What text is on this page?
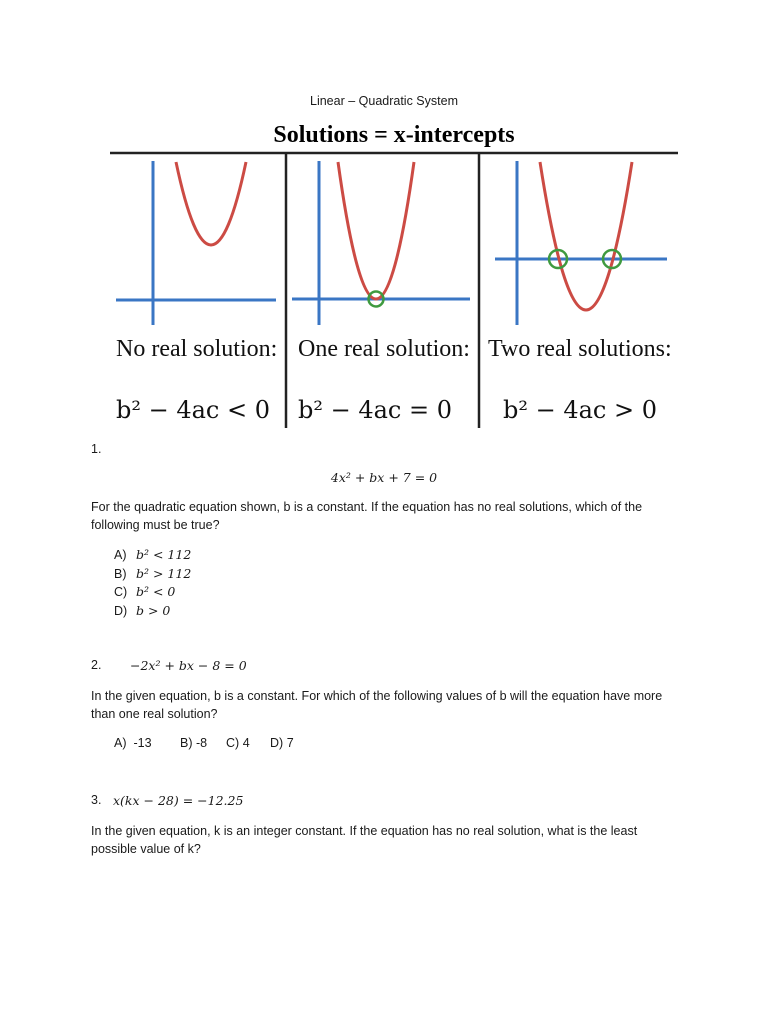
Linear – Quadratic System
Solutions = x-intercepts
No real solution:
b² − 4ac < 0
One real solution:
b² − 4ac = 0
Two real solutions:
b² − 4ac > 0
1.
4x² + bx + 7 = 0
For the quadratic equation shown, b is a constant. If the equation has no real solutions, which of the
following must be true?
A) b² < 112
B) b² > 112
C) b² < 0
D) b > 0
2. −2x² + bx − 8 = 0
In the given equation, b is a constant. For which of the following values of b will the equation have more
than one real solution?
A) -13 B) -8 C) 4 D) 7
3. x(kx − 28) = −12.25
In the given equation, k is an integer constant. If the equation has no real solution, what is the least
possible value of k?
